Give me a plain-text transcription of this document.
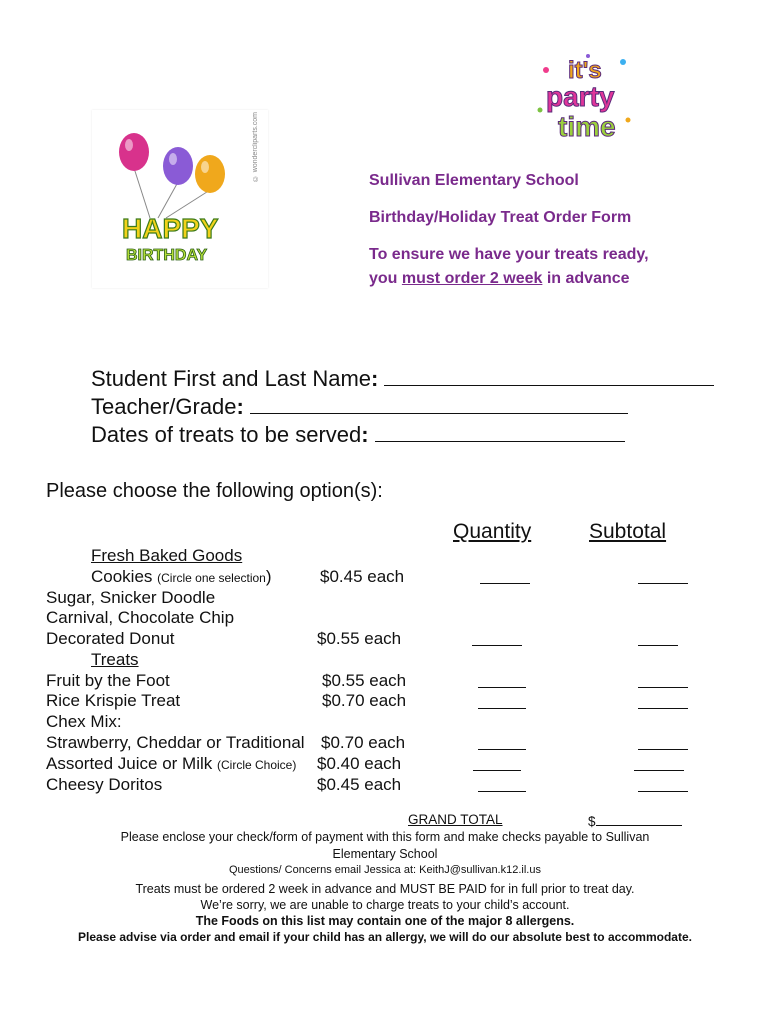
HAPPY
BIRTHDAY
© wondercliparts.com
it's
party
time
Sullivan Elementary School
Birthday/Holiday Treat Order Form
To ensure we have your treats ready,
you must order 2 week in advance
Student First and Last Name:
Teacher/Grade:
Dates of treats to be served:
Please choose the following option(s):
Quantity	Subtotal
Fresh Baked Goods
Cookies (Circle one selection)	$0.45 each
Sugar, Snicker Doodle
Carnival, Chocolate Chip
Decorated Donut	$0.55 each
Treats
Fruit by the Foot	$0.55 each
Rice Krispie Treat	$0.70 each
Chex Mix:
Strawberry, Cheddar or Traditional $0.70 each
Assorted Juice or Milk (Circle Choice) $0.40 each
Cheesy Doritos	$0.45 each
GRAND TOTAL	$
Please enclose your check/form of payment with this form and make checks payable to Sullivan
Elementary School
Questions/ Concerns email Jessica at: KeithJ@sullivan.k12.il.us
Treats must be ordered 2 week in advance and MUST BE PAID for in full prior to treat day.
We’re sorry, we are unable to charge treats to your child’s account.
The Foods on this list may contain one of the major 8 allergens.
Please advise via order and email if your child has an allergy, we will do our absolute best to accommodate.
